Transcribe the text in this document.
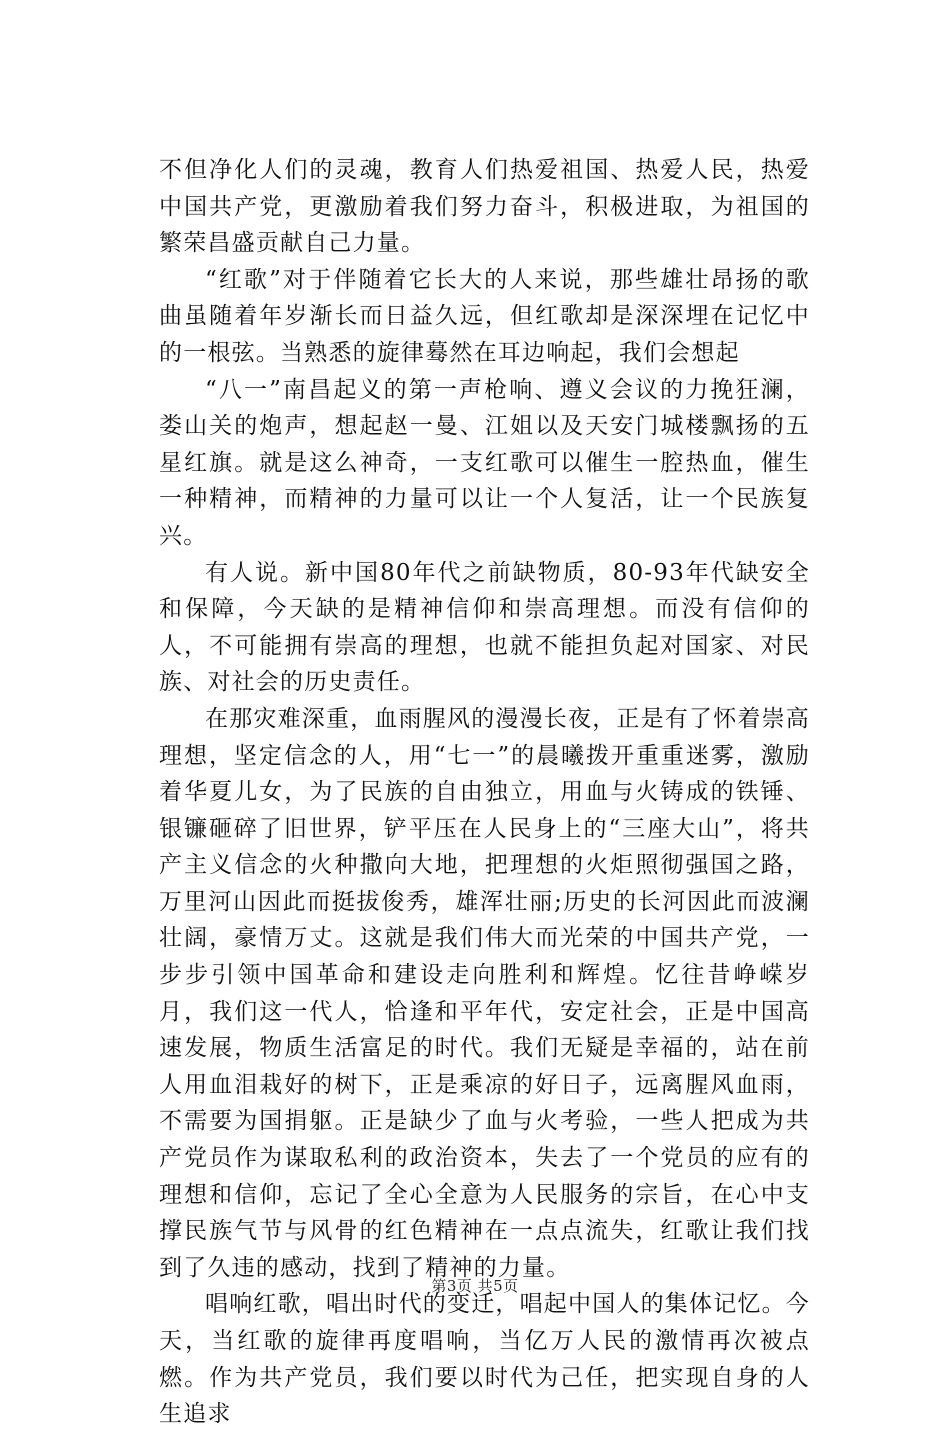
不但净化人们的灵魂，教育人们热爱祖国、热爱人民，热爱中国共产党，更激励着我们努力奋斗，积极进取，为祖国的繁荣昌盛贡献自己力量。

“红歌”对于伴随着它长大的人来说，那些雄壮昂扬的歌曲虽随着年岁渐长而日益久远，但红歌却是深深埋在记忆中的一根弦。当熟悉的旋律蓦然在耳边响起，我们会想起

“八一”南昌起义的第一声枪响、遵义会议的力挽狂澜，娄山关的炮声，想起赵一曼、江姐以及天安门城楼飘扬的五星红旗。就是这么神奇，一支红歌可以催生一腔热血，催生一种精神，而精神的力量可以让一个人复活，让一个民族复兴。

有人说。新中国80年代之前缺物质，80-93年代缺安全和保障，今天缺的是精神信仰和崇高理想。而没有信仰的人，不可能拥有崇高的理想，也就不能担负起对国家、对民族、对社会的历史责任。

在那灾难深重，血雨腥风的漫漫长夜，正是有了怀着崇高理想，坚定信念的人，用“七一”的晨曦拨开重重迷雾，激励着华夏儿女，为了民族的自由独立，用血与火铸成的铁锤、银镰砸碎了旧世界，铲平压在人民身上的“三座大山”，将共产主义信念的火种撒向大地，把理想的火炬照彻强国之路，万里河山因此而挺拔俊秀，雄浑壮丽;历史的长河因此而波澜壮阔，豪情万丈。这就是我们伟大而光荣的中国共产党，一步步引领中国革命和建设走向胜利和辉煌。忆往昔峥嵘岁月，我们这一代人，恰逢和平年代，安定社会，正是中国高速发展，物质生活富足的时代。我们无疑是幸福的，站在前人用血泪栽好的树下，正是乘凉的好日子，远离腥风血雨，不需要为国捐躯。正是缺少了血与火考验，一些人把成为共产党员作为谋取私利的政治资本，失去了一个党员的应有的理想和信仰，忘记了全心全意为人民服务的宗旨，在心中支撑民族气节与风骨的红色精神在一点点流失，红歌让我们找到了久违的感动，找到了精神的力量。

唱响红歌，唱出时代的变迁，唱起中国人的集体记忆。今天，当红歌的旋律再度唱响，当亿万人民的激情再次被点燃。作为共产党员，我们要以时代为己任，把实现自身的人生追求

第3页 共5页
